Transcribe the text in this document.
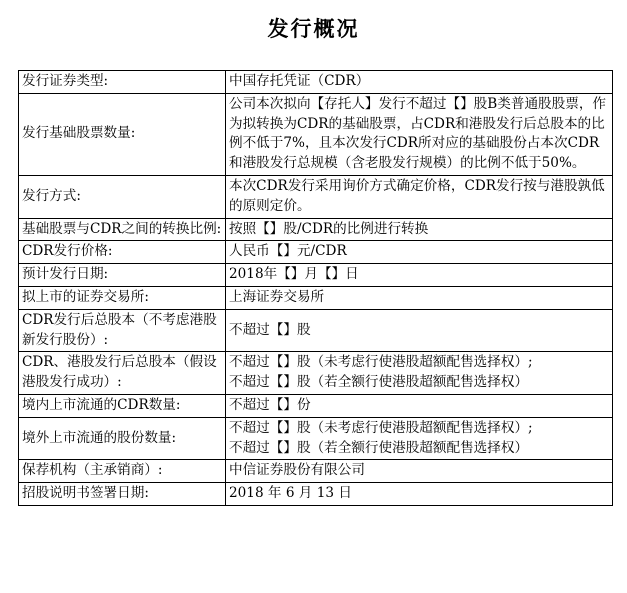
发行概况
发行证券类型:	中国存托凭证（CDR）
发行基础股票数量:	公司本次拟向【存托人】发行不超过【】股B类普通股股票，作为拟转换为CDR的基础股票，占CDR和港股发行后总股本的比例不低于7%，且本次发行CDR所对应的基础股份占本次CDR和港股发行总规模（含老股发行规模）的比例不低于50%。
发行方式:	本次CDR发行采用询价方式确定价格，CDR发行按与港股孰低的原则定价。
基础股票与CDR之间的转换比例:	按照【】股/CDR的比例进行转换
CDR发行价格:	人民币【】元/CDR
预计发行日期:	2018年【】月【】日
拟上市的证券交易所:	上海证券交易所
CDR发行后总股本（不考虑港股新发行股份）:	不超过【】股
CDR、港股发行后总股本（假设港股发行成功）:	不超过【】股（未考虑行使港股超额配售选择权）;
不超过【】股（若全额行使港股超额配售选择权）

境内上市流通的CDR数量:	不超过【】份
境外上市流通的股份数量:	不超过【】股（未考虑行使港股超额配售选择权）;
不超过【】股（若全额行使港股超额配售选择权）

保荐机构（主承销商）:	中信证券股份有限公司
招股说明书签署日期:	2018 年 6 月 13 日
